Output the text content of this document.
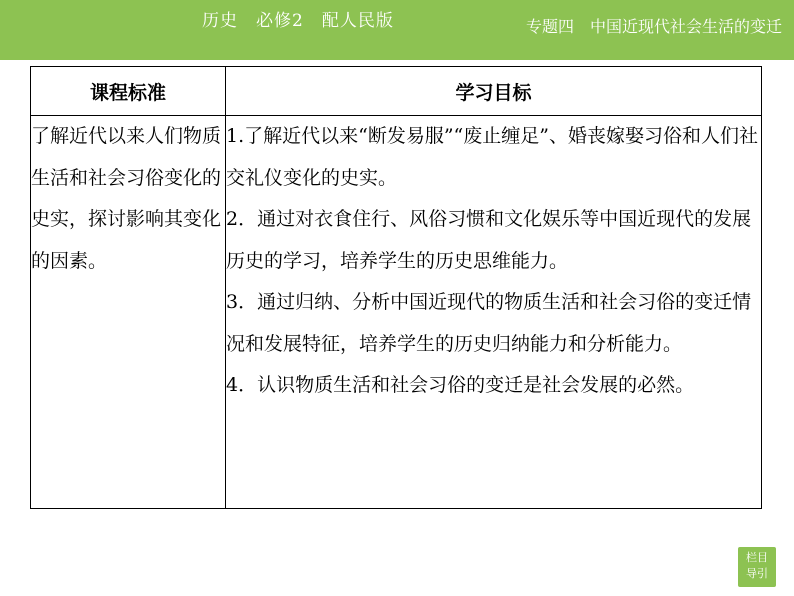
历史　必修2　配人民版	专题四　中国近现代社会生活的变迁
课程标准	学习目标
了解近代以来人们物质生活和社会习俗变化的史实，探讨影响其变化的因素。	1.了解近代以来“断发易服”“废止缠足”、婚丧嫁娶习俗和人们社交礼仪变化的史实。
2．通过对衣食住行、风俗习惯和文化娱乐等中国近现代的发展历史的学习，培养学生的历史思维能力。
3．通过归纳、分析中国近现代的物质生活和社会习俗的变迁情况和发展特征，培养学生的历史归纳能力和分析能力。
4．认识物质生活和社会习俗的变迁是社会发展的必然。
栏目
导引
